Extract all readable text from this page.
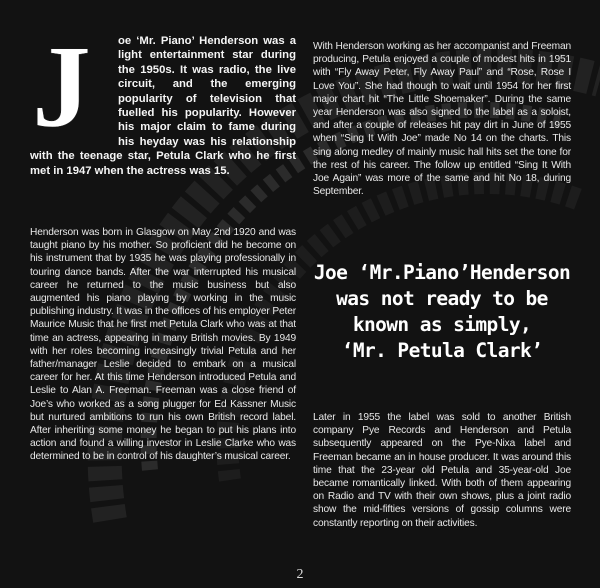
J	oe ‘Mr. Piano’ Henderson was a light entertainment star during the 1950s. It was radio, the live circuit, and the emerging popularity of television that fuelled his popularity. However his major claim to fame during his heyday was his relationship with the teenage star, Petula Clark who he first met in 1947 when the actress was 15.

Henderson was born in Glasgow on May 2nd 1920 and was taught piano by his mother. So proficient did he become on his instrument that by 1935 he was playing professionally in touring dance bands. After the war interrupted his musical career he returned to the music business but also augmented his piano playing by working in the music publishing industry. It was in the offices of his employer Peter Maurice Music that he first met Petula Clark who was at that time an actress, appearing in many British movies. By 1949 with her roles becoming increasingly trivial Petula and her father/manager Leslie decided to embark on a musical career for her. At this time Henderson introduced Petula and Leslie to Alan A. Freeman. Freeman was a close friend of Joe’s who worked as a song plugger for Ed Kassner Music but nurtured ambitions to run his own British record label. After inheriting some money he began to put his plans into action and found a willing investor in Leslie Clarke who was determined to be in control of his daughter’s musical career.

With Henderson working as her accompanist and Freeman producing, Petula enjoyed a couple of modest hits in 1951 with “Fly Away Peter, Fly Away Paul” and “Rose, Rose I Love You”. She had though to wait until 1954 for her first major chart hit “The Little Shoemaker”. During the same year Henderson was also signed to the label as a soloist, and after a couple of releases hit pay dirt in June of 1955 when “Sing It With Joe” made No 14 on the charts. This sing along medley of mainly music hall hits set the tone for the rest of his career. The follow up entitled “Sing It With Joe Again” was more of the same and hit No 18, during September.

Joe ‘Mr.Piano’Henderson
was not ready to be
known as simply,
‘Mr. Petula Clark’

Later in 1955 the label was sold to another British company Pye Records and Henderson and Petula subsequently appeared on the Pye-Nixa label and Freeman became an in house producer. It was around this time that the 23-year old Petula and 35-year-old Joe became romantically linked. With both of them appearing on Radio and TV with their own shows, plus a joint radio show the mid-fifties versions of gossip columns were constantly reporting on their activities.

2
